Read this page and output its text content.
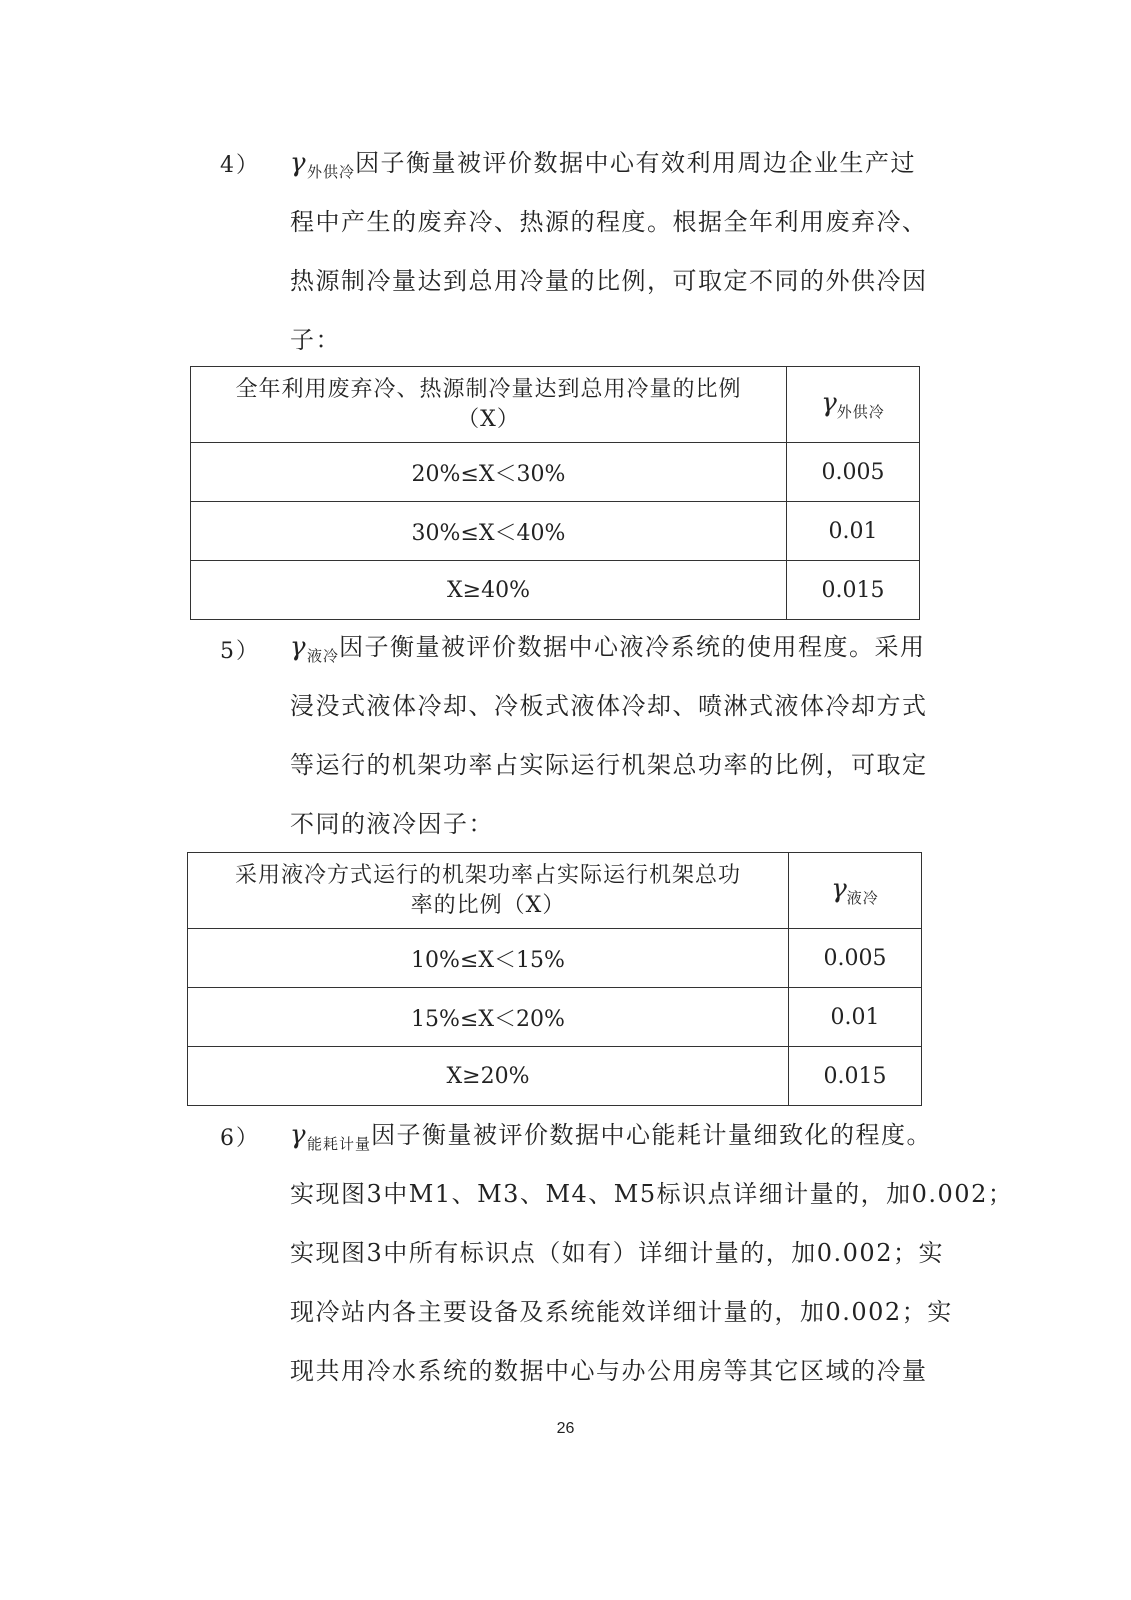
4） $\gamma_{外供冷}$因子衡量被评价数据中心有效利用周边企业生产过
程中产生的废弃冷、热源的程度。根据全年利用废弃冷、
热源制冷量达到总用冷量的比例，可取定不同的外供冷因
子：
全年利用废弃冷、热源制冷量达到总用冷量的比例
（X）	$\gamma_{外供冷}$
20%≤X＜30%	0.005
30%≤X＜40%	0.01
X≥40%	0.015
5） $\gamma_{液冷}$因子衡量被评价数据中心液冷系统的使用程度。采用
浸没式液体冷却、冷板式液体冷却、喷淋式液体冷却方式
等运行的机架功率占实际运行机架总功率的比例，可取定
不同的液冷因子：
采用液冷方式运行的机架功率占实际运行机架总功
率的比例（X）	$\gamma_{液冷}$
10%≤X＜15%	0.005
15%≤X＜20%	0.01
X≥20%	0.015
6） $\gamma_{能耗计量}$因子衡量被评价数据中心能耗计量细致化的程度。
实现图3中M1、M3、M4、M5标识点详细计量的，加0.002；
实现图3中所有标识点（如有）详细计量的，加0.002；实
现冷站内各主要设备及系统能效详细计量的，加0.002；实
现共用冷水系统的数据中心与办公用房等其它区域的冷量
26
